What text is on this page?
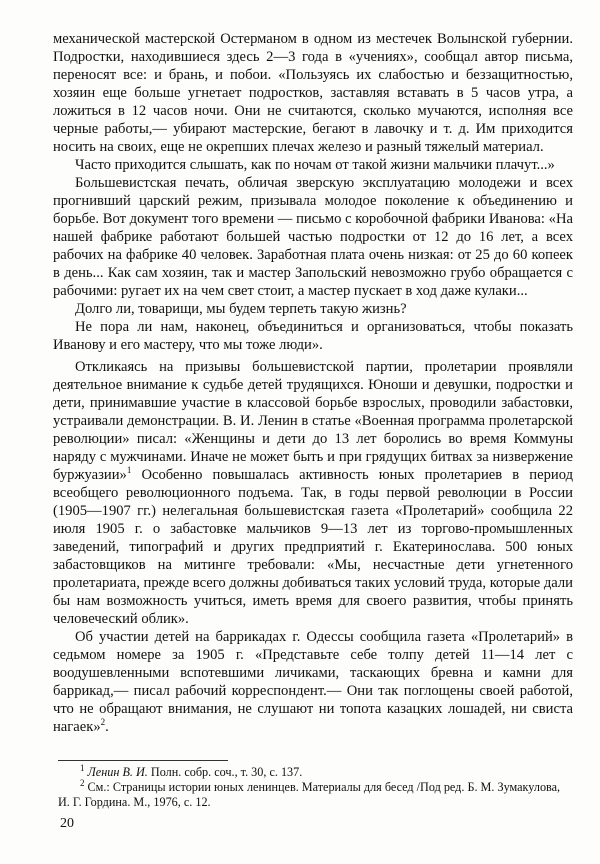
механической мастерской Остерманом в одном из местечек Волынской губернии. Подростки, находившиеся здесь 2—3 года в «учениях», сообщал автор письма, переносят все: и брань, и побои. «Пользуясь их слабостью и беззащитностью, хозяин еще больше угнетает подростков, заставляя вставать в 5 часов утра, а ложиться в 12 часов ночи. Они не считаются, сколько мучаются, исполняя все черные работы,— убирают мастерские, бегают в лавочку и т. д. Им приходится носить на своих, еще не окрепших плечах железо и разный тяжелый материал.

Часто приходится слышать, как по ночам от такой жизни мальчики плачут...»

Большевистская печать, обличая зверскую эксплуатацию молодежи и всех прогнивший царский режим, призывала молодое поколение к объединению и борьбе. Вот документ того времени — письмо с коробочной фабрики Иванова: «На нашей фабрике работают большей частью подростки от 12 до 16 лет, а всех рабочих на фабрике 40 человек. Заработная плата очень низкая: от 25 до 60 копеек в день... Как сам хозяин, так и мастер Запольский невозможно грубо обращается с рабочими: ругает их на чем свет стоит, а мастер пускает в ход даже кулаки...

Долго ли, товарищи, мы будем терпеть такую жизнь?

Не пора ли нам, наконец, объединиться и организоваться, чтобы показать Иванову и его мастеру, что мы тоже люди».

Откликаясь на призывы большевистской партии, пролетарии проявляли деятельное внимание к судьбе детей трудящихся. Юноши и девушки, подростки и дети, принимавшие участие в классовой борьбе взрослых, проводили забастовки, устраивали демонстрации. В. И. Ленин в статье «Военная программа пролетарской революции» писал: «Женщины и дети до 13 лет боролись во время Коммуны наряду с мужчинами. Иначе не может быть и при грядущих битвах за низвержение буржуазии»$^1$ Особенно повышалась активность юных пролетариев в период всеобщего революционного подъема. Так, в годы первой революции в России (1905—1907 гг.) нелегальная большевистская газета «Пролетарий» сообщила 22 июля 1905 г. о забастовке мальчиков 9—13 лет из торгово-промышленных заведений, типографий и других предприятий г. Екатеринослава. 500 юных забастовщиков на митинге требовали: «Мы, несчастные дети угнетенного пролетариата, прежде всего должны добиваться таких условий труда, которые дали бы нам возможность учиться, иметь время для своего развития, чтобы принять человеческий облик».

Об участии детей на баррикадах г. Одессы сообщила газета «Пролетарий» в седьмом номере за 1905 г. «Представьте себе толпу детей 11—14 лет с воодушевленными вспотевшими личиками, таскающих бревна и камни для баррикад,— писал рабочий корреспондент.— Они так поглощены своей работой, что не обращают внимания, не слушают ни топота казацких лошадей, ни свиста нагаек»$^2$.

$^1$ Ленин В. И. Полн. собр. соч., т. 30, с. 137.

$^2$ См.: Страницы истории юных ленинцев. Материалы для бесед /Под ред. Б. М. Зумакулова, И. Г. Гордина. М., 1976, с. 12.

20
